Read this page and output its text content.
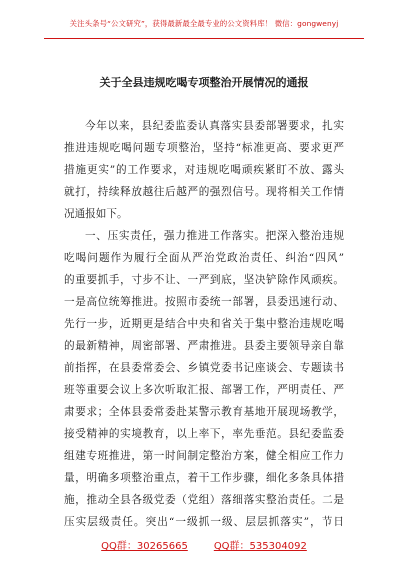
关注头条号“公文研究”，获得最新最全最专业的公文资料库！ 微信：gongwenyj
关于全县违规吃喝专项整治开展情况的通报
今年以来，县纪委监委认真落实县委部署要求，扎实
推进违规吃喝问题专项整治，坚持“标准更高、要求更严
措施更实”的工作要求，对违规吃喝顽疾紧盯不放、露头
就打，持续释放越往后越严的强烈信号。现将相关工作情
况通报如下。
一、压实责任，强力推进工作落实。把深入整治违规
吃喝问题作为履行全面从严治党政治责任、纠治“四风”
的重要抓手，寸步不让、一严到底，坚决铲除作风顽疾。
一是高位统筹推进。按照市委统一部署，县委迅速行动、
先行一步，近期更是结合中央和省关于集中整治违规吃喝
的最新精神，周密部署、严肃推进。县委主要领导亲自靠
前指挥，在县委常委会、乡镇党委书记座谈会、专题读书
班等重要会议上多次听取汇报、部署工作，严明责任、严
肃要求；全体县委常委赴某警示教育基地开展现场教学，
接受精神的实境教育，以上率下，率先垂范。县纪委监委
组建专班推进，第一时间制定整治方案，健全相应工作力
量，明确多项整治重点，着干工作步骤，细化多条具体措
施，推动全县各级党委（党组）落细落实整治责任。二是
压实层级责任。突出“一级抓一级、层层抓落实”，节日
QQ群：30265665	QQ群：535304092
